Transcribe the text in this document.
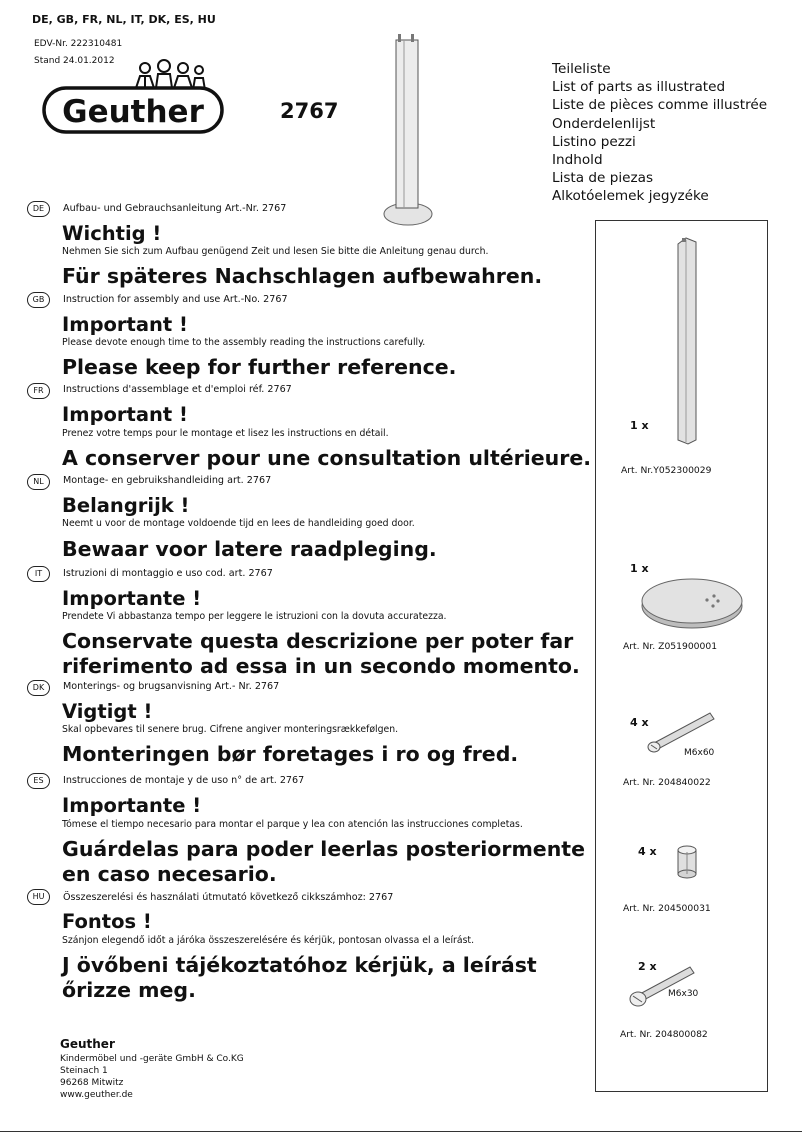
DE, GB, FR, NL, IT, DK, ES, HU
EDV-Nr. 222310481
Stand 24.01.2012
Geuther	2767
Teileliste
List of parts as illustrated
Liste de pièces comme illustrée
Onderdelenlijst
Listino pezzi
Indhold
Lista de piezas
Alkotóelemek jegyzéke
DE	Aufbau- und Gebrauchsanleitung Art.-Nr. 2767
Wichtig !
Nehmen Sie sich zum Aufbau genügend Zeit und lesen Sie bitte die Anleitung genau durch.
Für späteres Nachschlagen aufbewahren.
GB	Instruction for assembly and use Art.-No. 2767
Important !
Please devote enough time to the assembly reading the instructions carefully.
Please keep for further reference.
FR	Instructions d'assemblage et d'emploi réf. 2767
Important !
Prenez votre temps pour le montage et lisez les instructions en détail.
A conserver pour une consultation ultérieure.
NL	Montage- en gebruikshandleiding art. 2767
Belangrijk !
Neemt u voor de montage voldoende tijd en lees de handleiding goed door.
Bewaar voor latere raadpleging.
IT	Istruzioni di montaggio e uso cod. art. 2767
Importante !
Prendete Vi abbastanza tempo per leggere le istruzioni con la dovuta accuratezza.
Conservate questa descrizione per poter far riferimento ad essa in un secondo momento.
DK	Monterings- og brugsanvisning Art.- Nr. 2767
Vigtigt !
Skal opbevares til senere brug. Cifrene angiver monteringsrækkefølgen.
Monteringen bør foretages i ro og fred.
ES	Instrucciones de montaje y de uso n° de art. 2767
Importante !
Tómese el tiempo necesario para montar el parque y lea con atención las instrucciones completas.
Guárdelas para poder leerlas posteriormente en caso necesario.
HU	Összeszerelési és használati útmutató következő cikkszámhoz: 2767
Fontos !
Szánjon elegendő időt a járóka összeszerelésére és kérjük, pontosan olvassa el a leírást.
J övőbeni tájékoztatóhoz kérjük, a leírást őrizze meg.
1 x
Art. Nr.Y052300029
1 x
Art. Nr. Z051900001
4 x
M6x60
Art. Nr. 204840022
4 x
Art. Nr. 204500031
2 x
M6x30
Art. Nr. 204800082
Geuther
Kindermöbel und -geräte GmbH & Co.KG
Steinach 1
96268 Mitwitz
www.geuther.de
